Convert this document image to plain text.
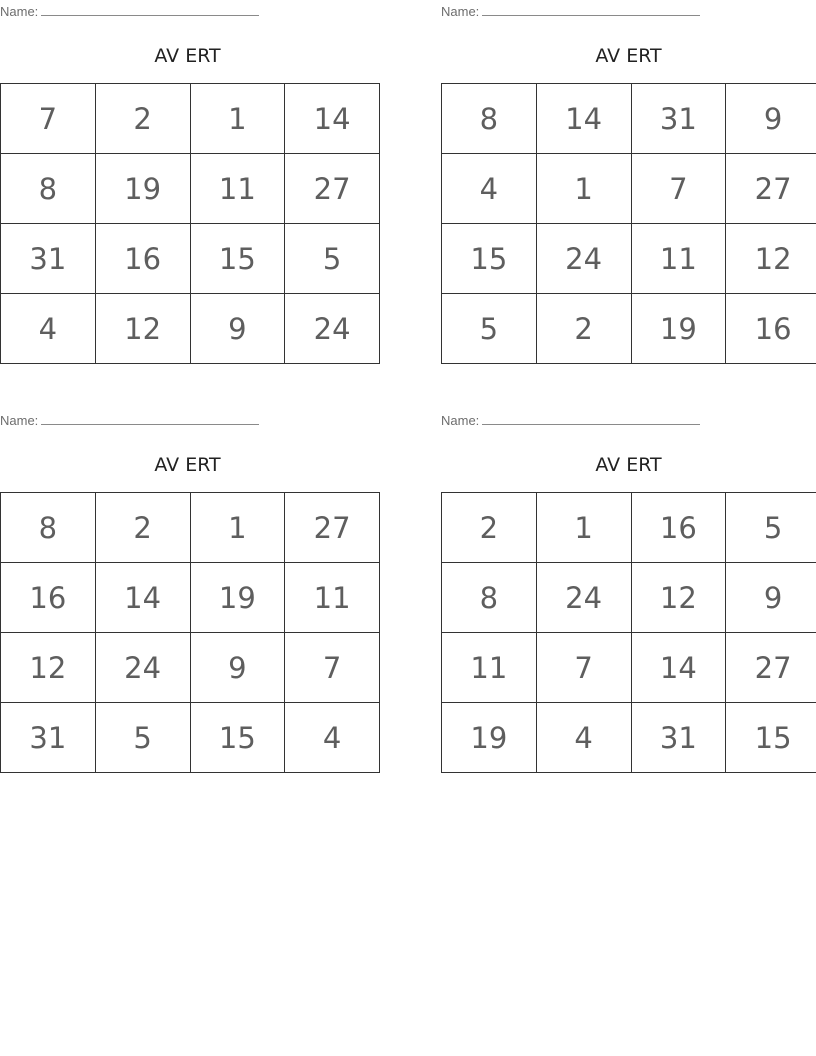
Name:
AV ERT
7	2	1	14
8	19	11	27
31	16	15	5
4	12	9	24
Name:
AV ERT
8	14	31	9
4	1	7	27
15	24	11	12
5	2	19	16
Name:
AV ERT
8	2	1	27
16	14	19	11
12	24	9	7
31	5	15	4
Name:
AV ERT
2	1	16	5
8	24	12	9
11	7	14	27
19	4	31	15
